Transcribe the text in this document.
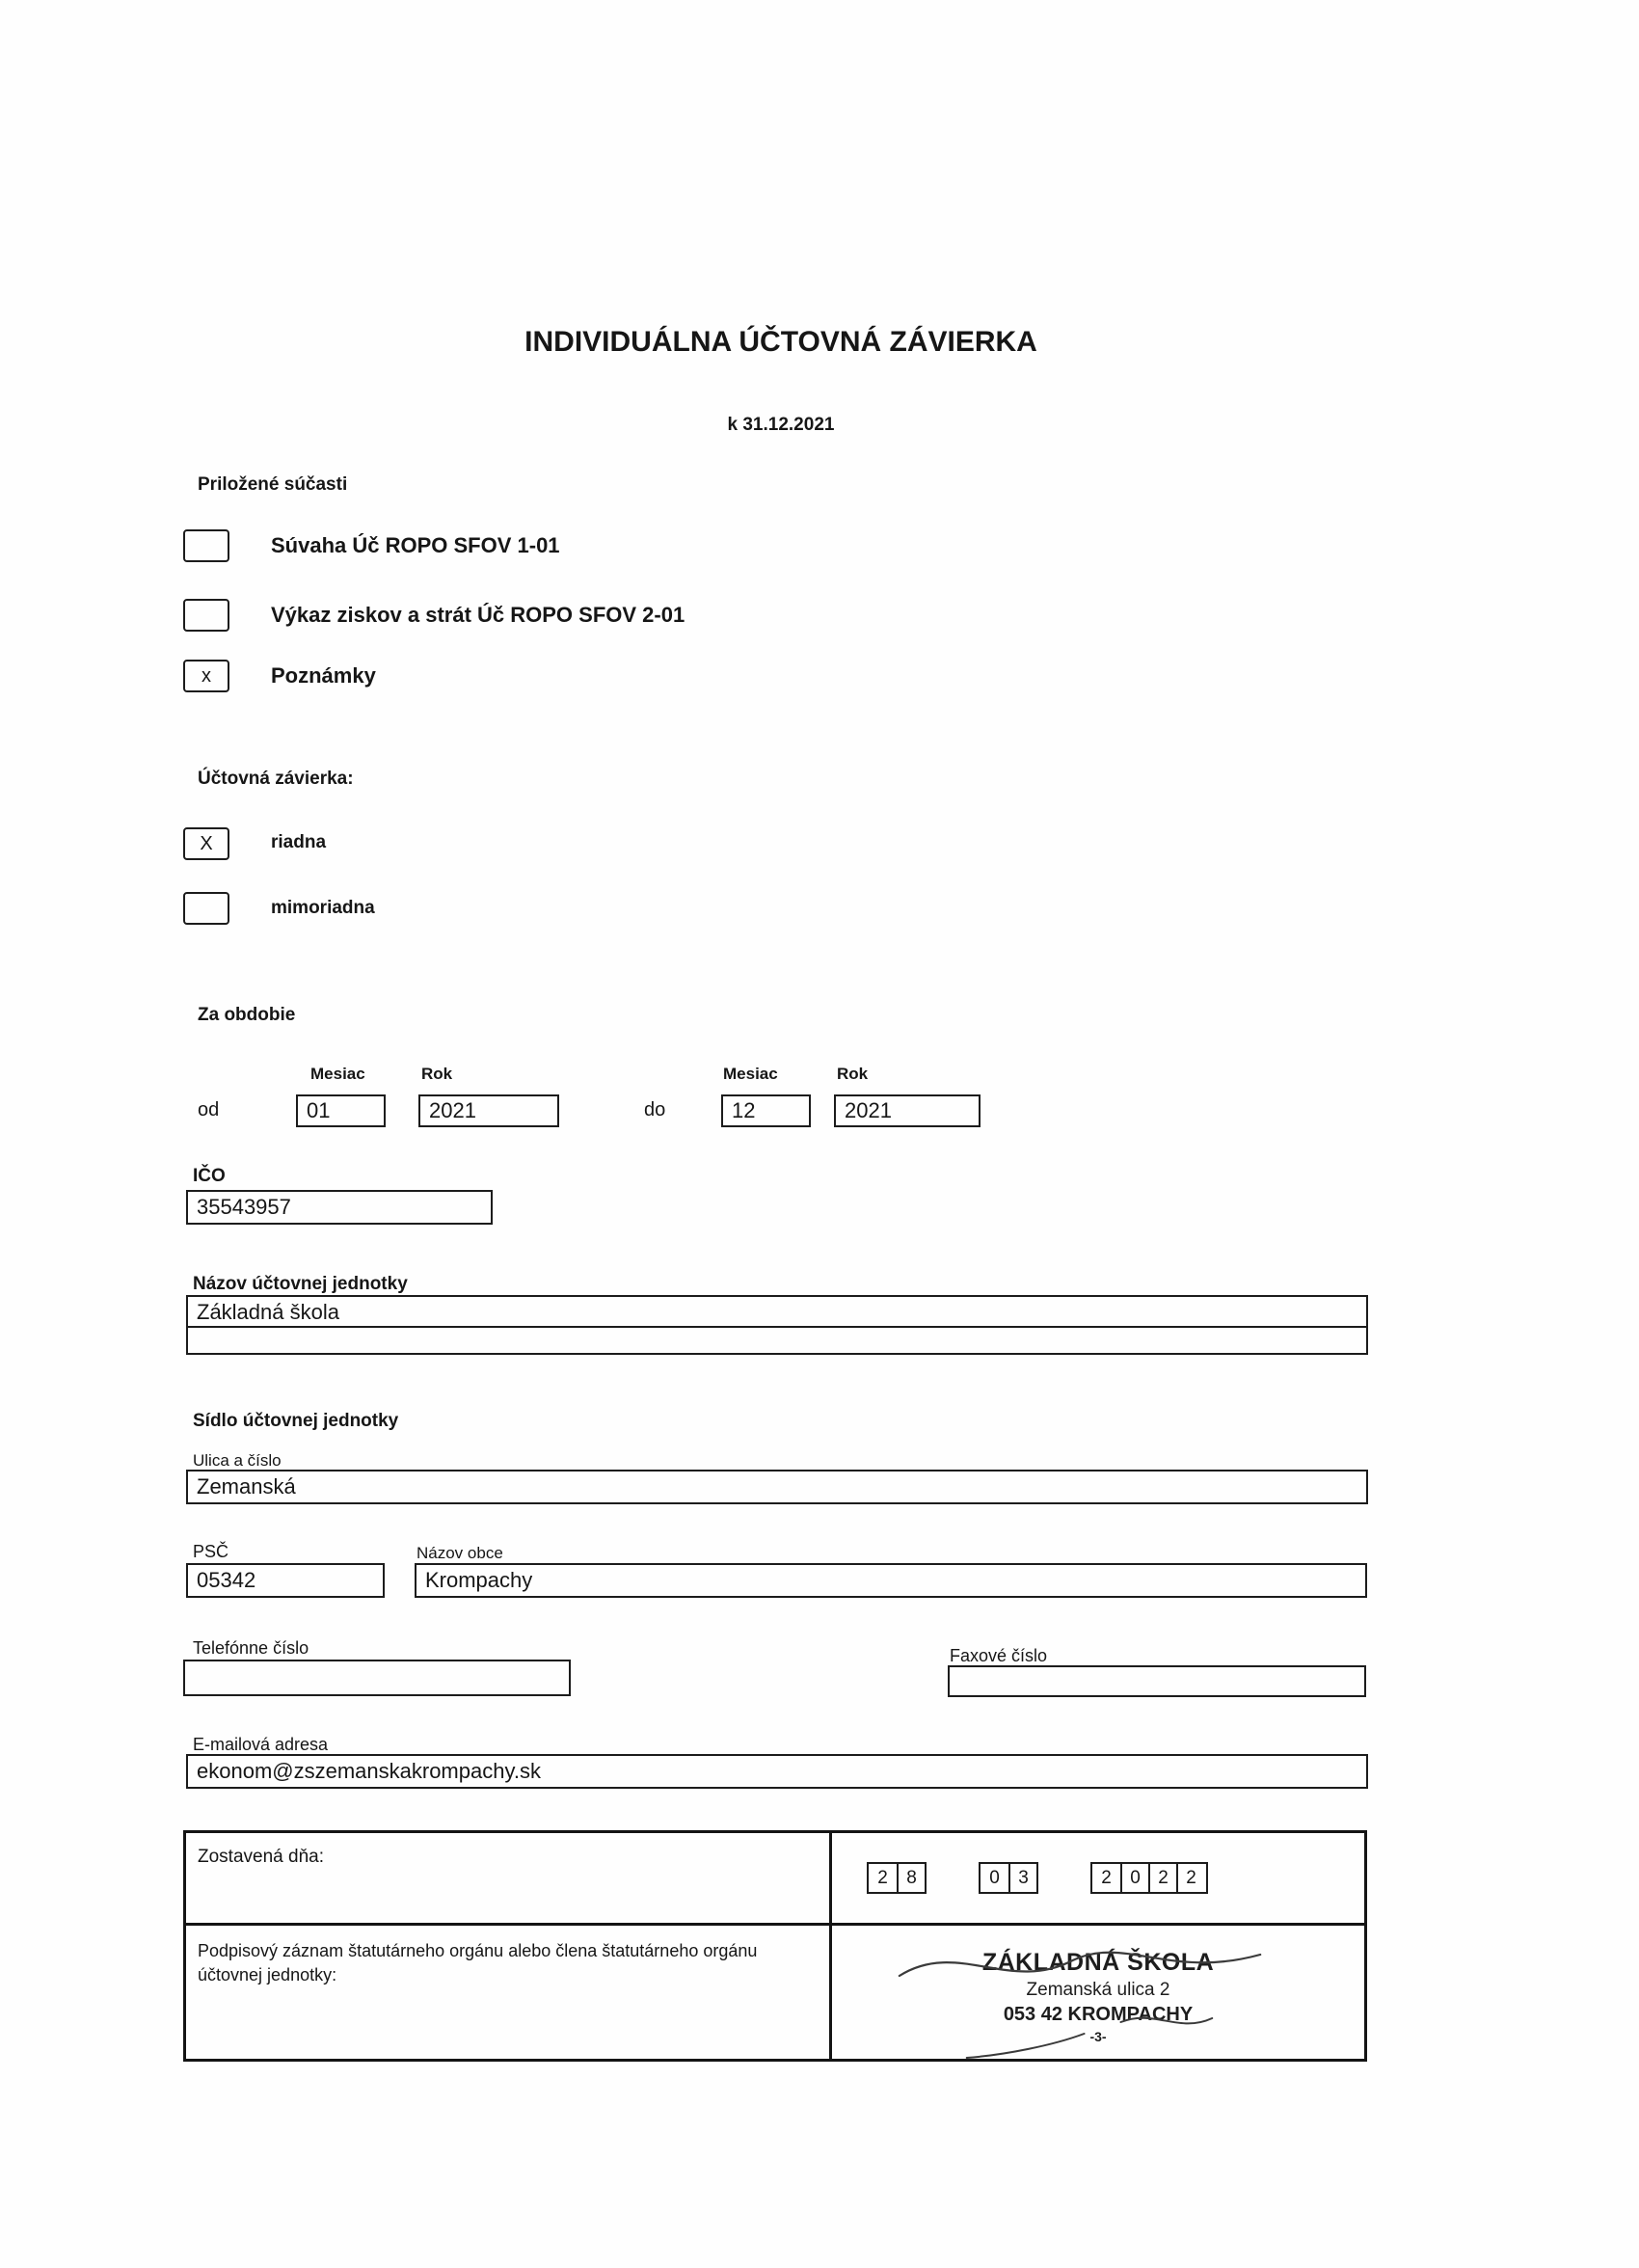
INDIVIDUÁLNA ÚČTOVNÁ ZÁVIERKA
k 31.12.2021
Priložené súčasti
Súvaha Úč ROPO SFOV 1-01
Výkaz ziskov a strát Úč ROPO SFOV 2-01
x	Poznámky
Účtovná závierka:
X	riadna
mimoriadna
Za obdobie
Mesiac	Rok	Mesiac	Rok
od	01	2021	do	12	2021
IČO
35543957
Názov účtovnej jednotky
Základná škola
Sídlo účtovnej jednotky
Ulica a číslo
Zemanská
PSČ
05342
Názov obce
Krompachy
Telefónne číslo	Faxové číslo
E-mailová adresa
ekonom@zszemanskakrompachy.sk
Zostavená dňa:
2	8	0	3	2	0 2 2
Podpisový záznam štatutárneho orgánu alebo člena štatutárneho orgánu účtovnej jednotky:	ZÁKLADNÁ ŠKOLA
Zemanská ulica 2
053 42 KROMPACHY
-3-
